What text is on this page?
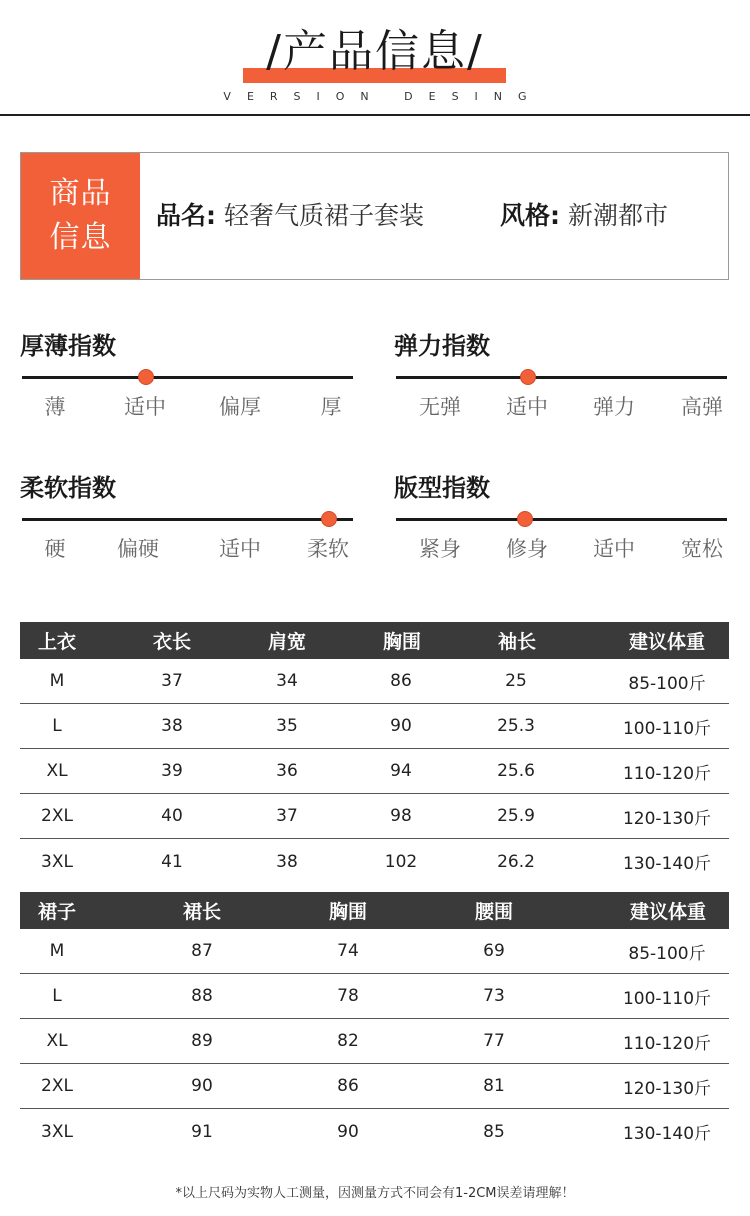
/产品信息/
VERSION DESING
商品
信息
品名: 轻奢气质裙子套装	风格: 新潮都市
厚薄指数
薄	适中	偏厚	厚
弹力指数
无弹 适中 弹力 高弹
柔软指数
硬 偏硬	适中 柔软
版型指数
紧身 修身 适中 宽松
上衣	衣长	肩宽	胸围	袖长	建议体重
M	37	34	86	25	85-100斤
L	38	35	90	25.3	100-110斤
XL	39	36	94	25.6	110-120斤
2XL	40	37	98	25.9	120-130斤
3XL	41	38	102	26.2	130-140斤
裙子	裙长	胸围	腰围	建议体重
M	87	74	69	85-100斤
L	88	78	73	100-110斤
XL	89	82	77	110-120斤
2XL	90	86	81	120-130斤
3XL	91	90	85	130-140斤
*以上尺码为实物人工测量，因测量方式不同会有1-2CM误差请理解！
